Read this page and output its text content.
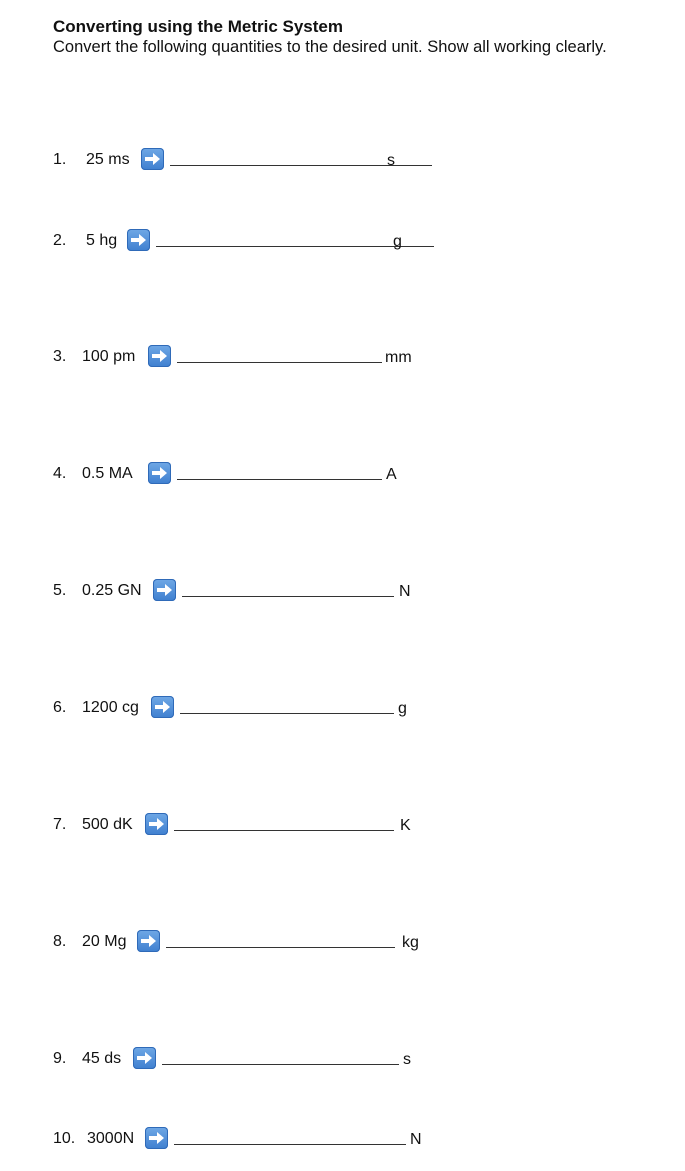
Converting using the Metric System

Convert the following quantities to the desired unit. Show all working clearly.

1. 25 ms	s
2. 5 hg	g
3. 100 pm	mm
4. 0.5 MA	A
5. 0.25 GN	N
6. 1200 cg	g
7. 500 dK	K
8. 20 Mg	kg
9. 45 ds	s
10. 3000N	N
